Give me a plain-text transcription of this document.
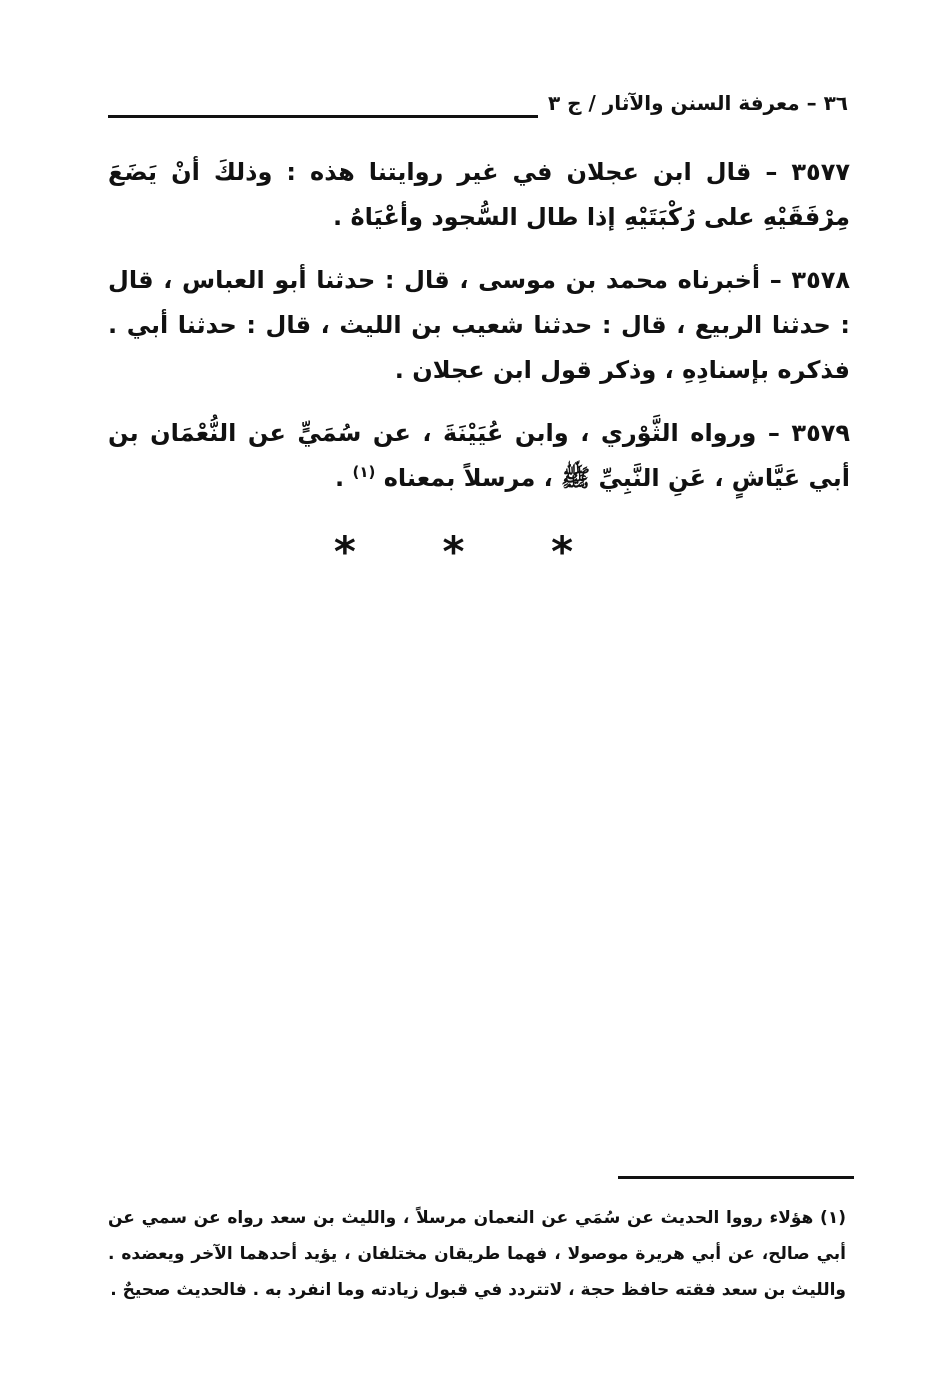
٣٦ – معرفة السنن والآثار / ج ٣

٣٥٧٧ – قال ابن عجلان في غير روايتنا هذه : وذلكَ أنْ يَضَعَ مِرْفَقَيْهِ على رُكْبَتَيْهِ إذا طال السُّجود وأعْيَاهُ .

٣٥٧٨ – أخبرناه محمد بن موسى ، قال : حدثنا أبو العباس ، قال : حدثنا الربيع ، قال : حدثنا شعيب بن الليث ، قال : حدثنا أبي . فذكره بإسنادِهِ ، وذكر قول ابن عجلان .

٣٥٧٩ – ورواه الثَّوْري ، وابن عُيَيْنَةَ ، عن سُمَيٍّ عن النُّعْمَان بن أبي عَيَّاشٍ ، عَنِ النَّبِيِّ ﷺ ، مرسلاً بمعناه $^{(١)}$ .

* * *

(١) هؤلاء رووا الحديث عن سُمَي عن النعمان مرسلاً ، والليث بن سعد رواه عن سمي عن أبي صالح، عن أبي هريرة موصولا ، فهما طريقان مختلفان ، يؤيد أحدهما الآخر ويعضده . والليث بن سعد فقته حافظ حجة ، لاتتردد في قبول زيادته وما انفرد به . فالحديث صحيحٌ .
